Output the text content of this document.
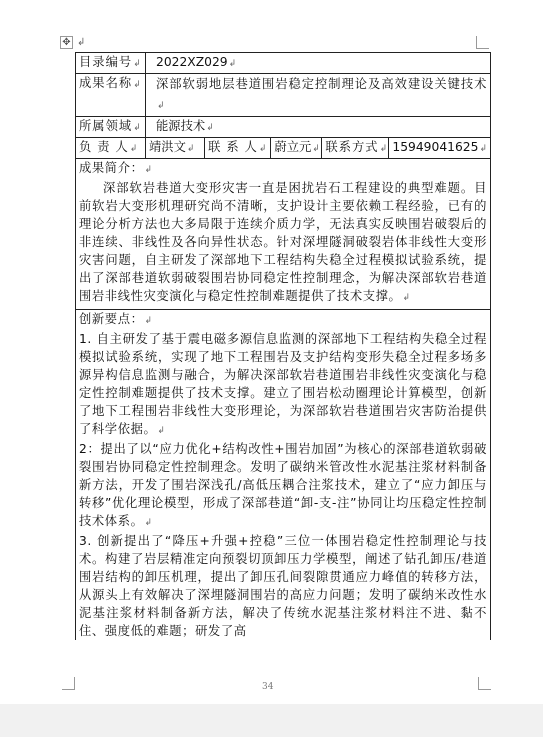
✥ ↲
目录编号↲	2022XZ029↲
成果名称↲	深部软弱地层巷道围岩稳定控制理论及高效建设关键技术↲
所属领域↲	能源技术↲
负 责 人↲	靖洪文↲ 联 系 人↲ 蔚立元↲ 联系方式↲ 15949041625↲

成果简介：↲

深部软岩巷道大变形灾害一直是困扰岩石工程建设的典型难题。目前软岩大变形机理研究尚不清晰，支护设计主要依赖工程经验，已有的理论分析方法也大多局限于连续介质力学，无法真实反映围岩破裂后的非连续、非线性及各向异性状态。针对深埋隧洞破裂岩体非线性大变形灾害问题，自主研发了深部地下工程结构失稳全过程模拟试验系统，提出了深部巷道软弱破裂围岩协同稳定性控制理念，为解决深部软岩巷道围岩非线性灾变演化与稳定性控制难题提供了技术支撑。↲	

创新要点：↲

1. 自主研发了基于震电磁多源信息监测的深部地下工程结构失稳全过程模拟试验系统，实现了地下工程围岩及支护结构变形失稳全过程多场多源异构信息监测与融合，为解决深部软岩巷道围岩非线性灾变演化与稳定性控制难题提供了技术支撑。建立了围岩松动圈理论计算模型，创新了地下工程围岩非线性大变形理论，为深部软岩巷道围岩灾害防治提供了科学依据。↲

2：提出了以“应力优化+结构改性+围岩加固”为核心的深部巷道软弱破裂围岩协同稳定性控制理念。发明了碳纳米管改性水泥基注浆材料制备新方法，开发了围岩深浅孔/高低压耦合注浆技术，建立了“应力卸压与转移”优化理论模型，形成了深部巷道“卸-支-注”协同让均压稳定性控制技术体系。↲

3. 创新提出了“降压+升强+控稳”三位一体围岩稳定性控制理论与技术。构建了岩层精准定向预裂切顶卸压力学模型，阐述了钻孔卸压/巷道围岩结构的卸压机理，提出了卸压孔间裂隙贯通应力峰值的转移方法，从源头上有效解决了深埋隧洞围岩的高应力问题；发明了碳纳米改性水泥基注浆材料制备新方法，解决了传统水泥基注浆材料注不进、黏不住、强度低的难题；研发了高	

34
